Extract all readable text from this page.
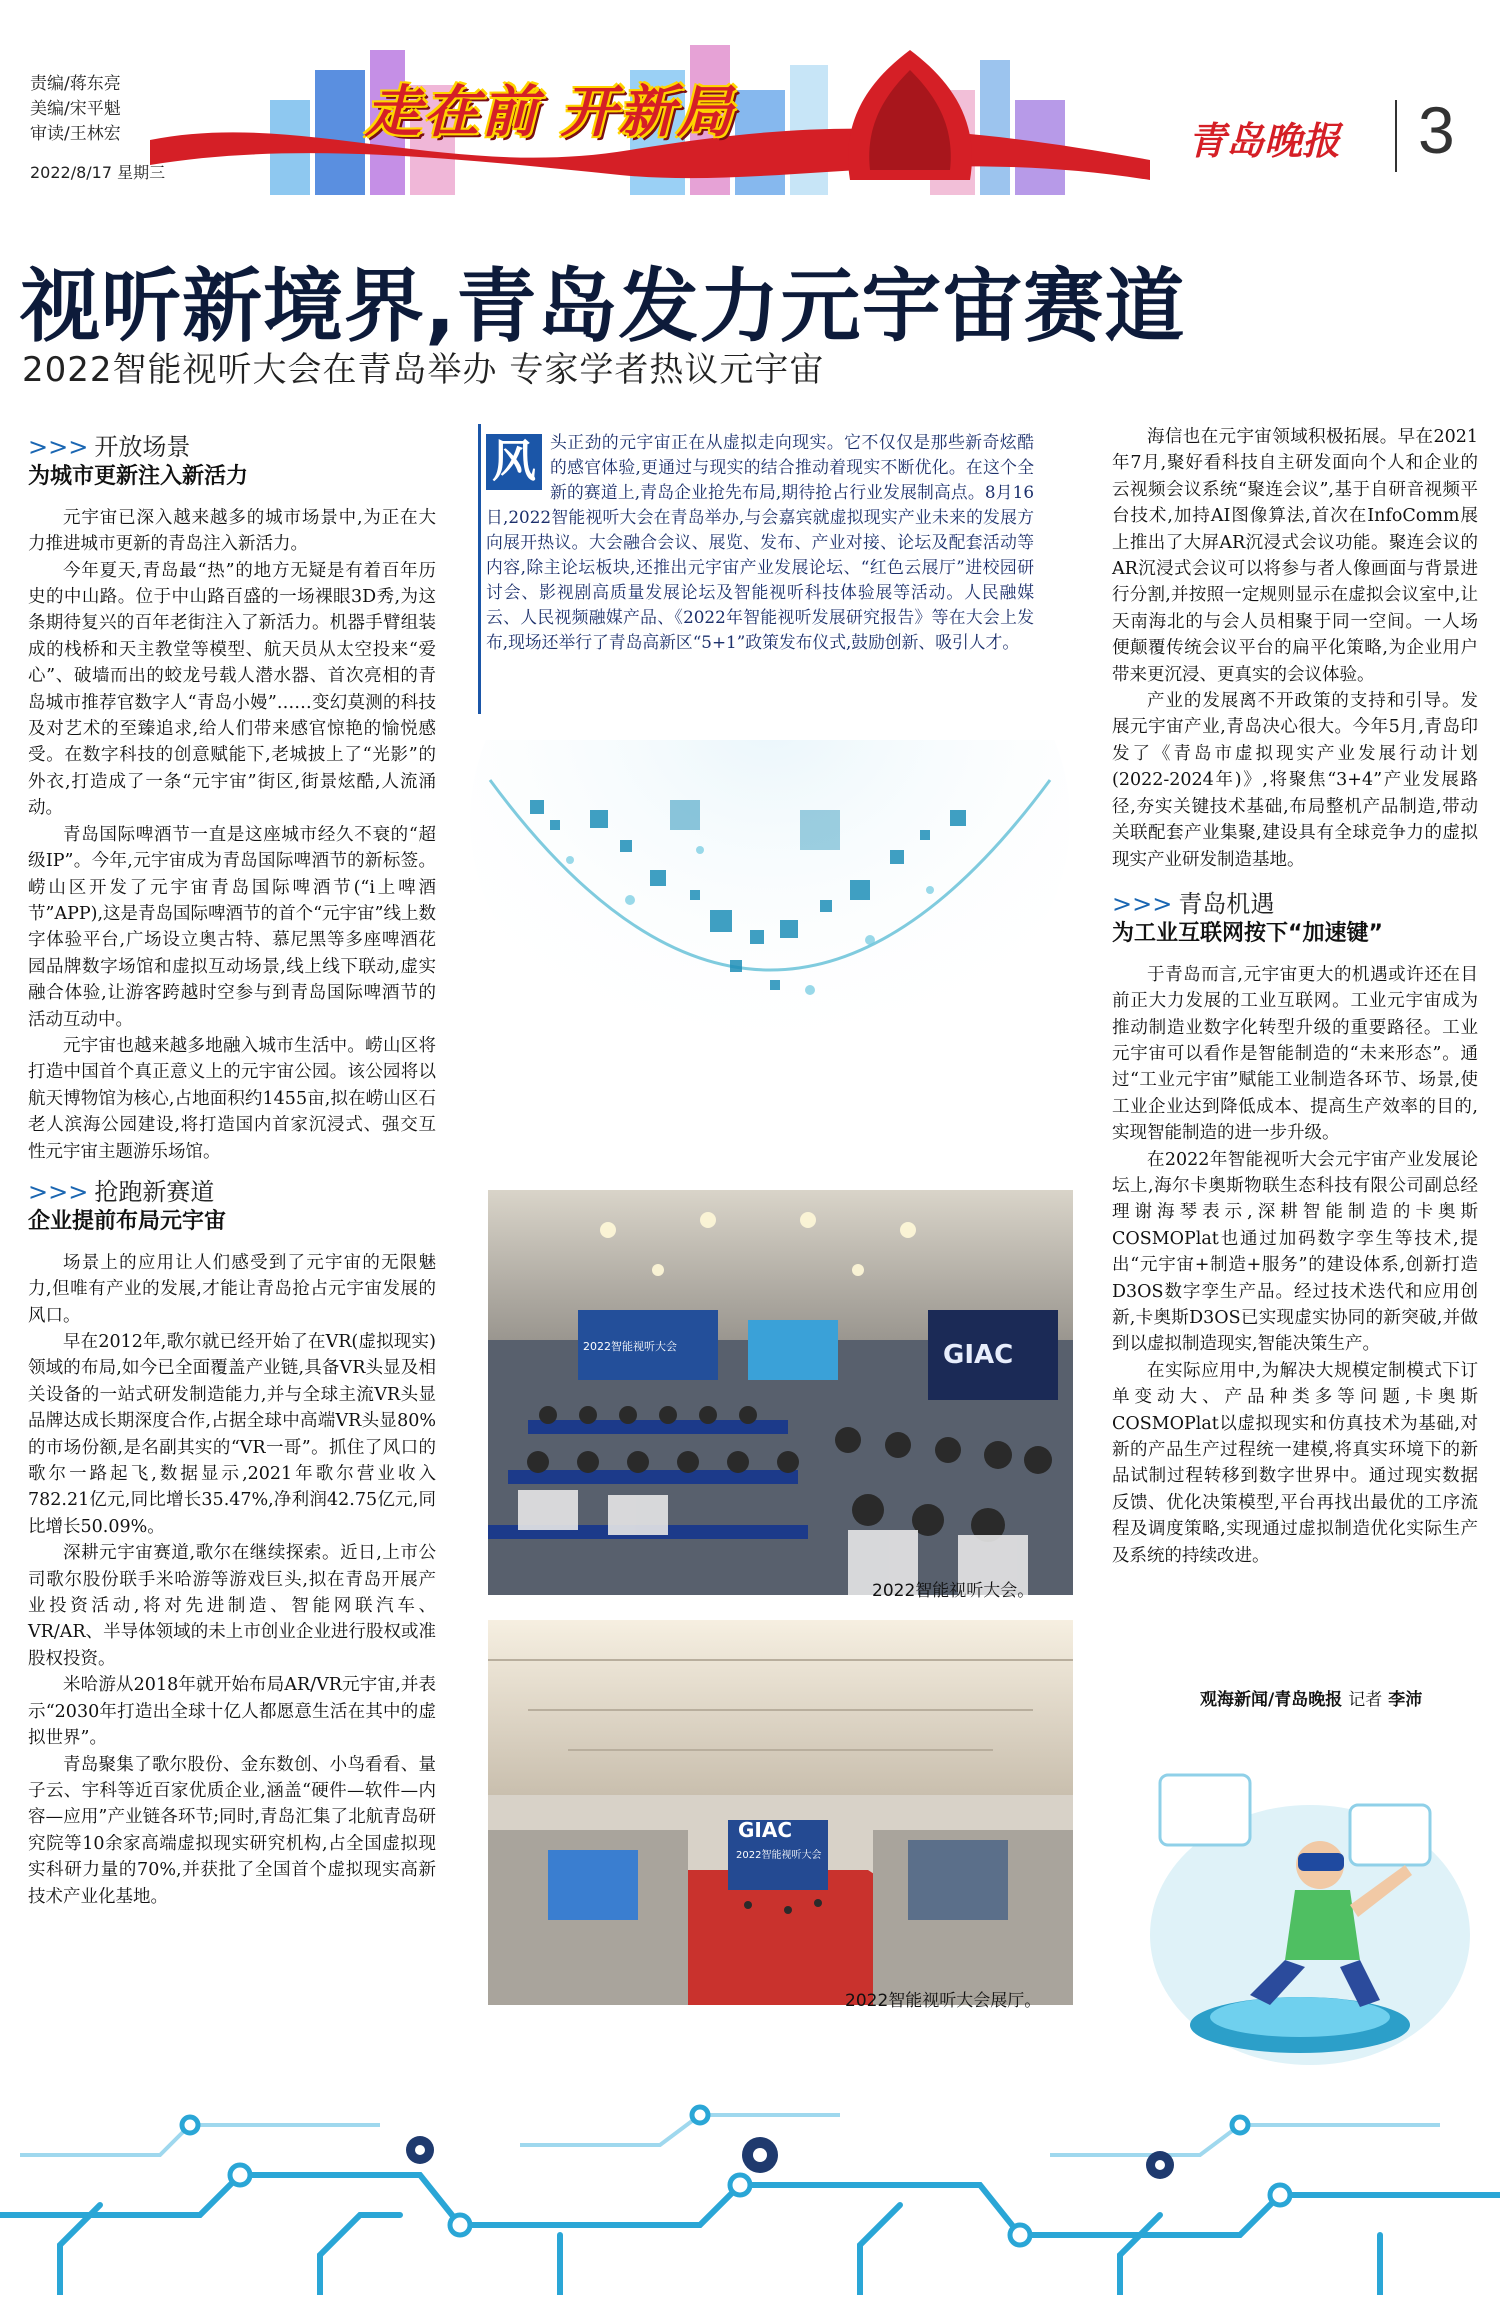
责编/蒋东亮
美编/宋平魁
审读/王林宏
2022/8/17 星期三
走在前 开新局	青岛晚报 3
视听新境界,青岛发力元宇宙赛道
2022智能视听大会在青岛举办 专家学者热议元宇宙
>>> 开放场景
为城市更新注入新活力

元宇宙已深入越来越多的城市场景中,为正在大力推进城市更新的青岛注入新活力。

今年夏天,青岛最“热”的地方无疑是有着百年历史的中山路。位于中山路百盛的一场裸眼3D秀,为这条期待复兴的百年老街注入了新活力。机器手臂组装成的栈桥和天主教堂等模型、航天员从太空投来“爱心”、破墙而出的蛟龙号载人潜水器、首次亮相的青岛城市推荐官数字人“青岛小嫚”……变幻莫测的科技及对艺术的至臻追求,给人们带来感官惊艳的愉悦感受。在数字科技的创意赋能下,老城披上了“光影”的外衣,打造成了一条“元宇宙”街区,街景炫酷,人流涌动。

青岛国际啤酒节一直是这座城市经久不衰的“超级IP”。今年,元宇宙成为青岛国际啤酒节的新标签。崂山区开发了元宇宙青岛国际啤酒节(“i上啤酒节”APP),这是青岛国际啤酒节的首个“元宇宙”线上数字体验平台,广场设立奥古特、慕尼黑等多座啤酒花园品牌数字场馆和虚拟互动场景,线上线下联动,虚实融合体验,让游客跨越时空参与到青岛国际啤酒节的活动互动中。

元宇宙也越来越多地融入城市生活中。崂山区将打造中国首个真正意义上的元宇宙公园。该公园将以航天博物馆为核心,占地面积约1455亩,拟在崂山区石老人滨海公园建设,将打造国内首家沉浸式、强交互性元宇宙主题游乐场馆。

>>> 抢跑新赛道
企业提前布局元宇宙

场景上的应用让人们感受到了元宇宙的无限魅力,但唯有产业的发展,才能让青岛抢占元宇宙发展的风口。

早在2012年,歌尔就已经开始了在VR(虚拟现实)领域的布局,如今已全面覆盖产业链,具备VR头显及相关设备的一站式研发制造能力,并与全球主流VR头显品牌达成长期深度合作,占据全球中高端VR头显80%的市场份额,是名副其实的“VR一哥”。抓住了风口的歌尔一路起飞,数据显示,2021年歌尔营业收入782.21亿元,同比增长35.47%,净利润42.75亿元,同比增长50.09%。

深耕元宇宙赛道,歌尔在继续探索。近日,上市公司歌尔股份联手米哈游等游戏巨头,拟在青岛开展产业投资活动,将对先进制造、智能网联汽车、VR/AR、半导体领域的未上市创业企业进行股权或准股权投资。

米哈游从2018年就开始布局AR/VR元宇宙,并表示“2030年打造出全球十亿人都愿意生活在其中的虚拟世界”。

青岛聚集了歌尔股份、金东数创、小鸟看看、量子云、宇科等近百家优质企业,涵盖“硬件—软件—内容—应用”产业链各环节;同时,青岛汇集了北航青岛研究院等10余家高端虚拟现实研究机构,占全国虚拟现实科研力量的70%,并获批了全国首个虚拟现实高新技术产业化基地。

风 头正劲的元宇宙正在从虚拟走向现实。它不仅仅是那些新奇炫酷的感官体验,更通过与现实的结合推动着现实不断优化。在这个全新的赛道上,青岛企业抢先布局,期待抢占行业发展制高点。8月16日,2022智能视听大会在青岛举办,与会嘉宾就虚拟现实产业未来的发展方向展开热议。大会融合会议、展览、发布、产业对接、论坛及配套活动等内容,除主论坛板块,还推出元宇宙产业发展论坛、“红色云展厅”进校园研讨会、影视剧高质量发展论坛及智能视听科技体验展等活动。人民融媒云、人民视频融媒产品、《2022年智能视听发展研究报告》等在大会上发布,现场还举行了青岛高新区“5+1”政策发布仪式,鼓励创新、吸引人才。
2022智能视听大会	GIAC
2022智能视听大会。
GIAC
2022智能视听大会
2022智能视听大会展厅。

海信也在元宇宙领域积极拓展。早在2021年7月,聚好看科技自主研发面向个人和企业的云视频会议系统“聚连会议”,基于自研音视频平台技术,加持AI图像算法,首次在InfoComm展上推出了大屏AR沉浸式会议功能。聚连会议的AR沉浸式会议可以将参与者人像画面与背景进行分割,并按照一定规则显示在虚拟会议室中,让天南海北的与会人员相聚于同一空间。一人场便颠覆传统会议平台的扁平化策略,为企业用户带来更沉浸、更真实的会议体验。

产业的发展离不开政策的支持和引导。发展元宇宙产业,青岛决心很大。今年5月,青岛印发了《青岛市虚拟现实产业发展行动计划(2022-2024年)》,将聚焦“3+4”产业发展路径,夯实关键技术基础,布局整机产品制造,带动关联配套产业集聚,建设具有全球竞争力的虚拟现实产业研发制造基地。

>>> 青岛机遇
为工业互联网按下“加速键”

于青岛而言,元宇宙更大的机遇或许还在目前正大力发展的工业互联网。工业元宇宙成为推动制造业数字化转型升级的重要路径。工业元宇宙可以看作是智能制造的“未来形态”。通过“工业元宇宙”赋能工业制造各环节、场景,使工业企业达到降低成本、提高生产效率的目的,实现智能制造的进一步升级。

在2022年智能视听大会元宇宙产业发展论坛上,海尔卡奥斯物联生态科技有限公司副总经理谢海琴表示,深耕智能制造的卡奥斯COSMOPlat也通过加码数字孪生等技术,提出“元宇宙+制造+服务”的建设体系,创新打造D3OS数字孪生产品。经过技术迭代和应用创新,卡奥斯D3OS已实现虚实协同的新突破,并做到以虚拟制造现实,智能决策生产。

在实际应用中,为解决大规模定制模式下订单变动大、产品种类多等问题,卡奥斯COSMOPlat以虚拟现实和仿真技术为基础,对新的产品生产过程统一建模,将真实环境下的新品试制过程转移到数字世界中。通过现实数据反馈、优化决策模型,平台再找出最优的工序流程及调度策略,实现通过虚拟制造优化实际生产及系统的持续改进。

观海新闻/青岛晚报 记者 李沛
